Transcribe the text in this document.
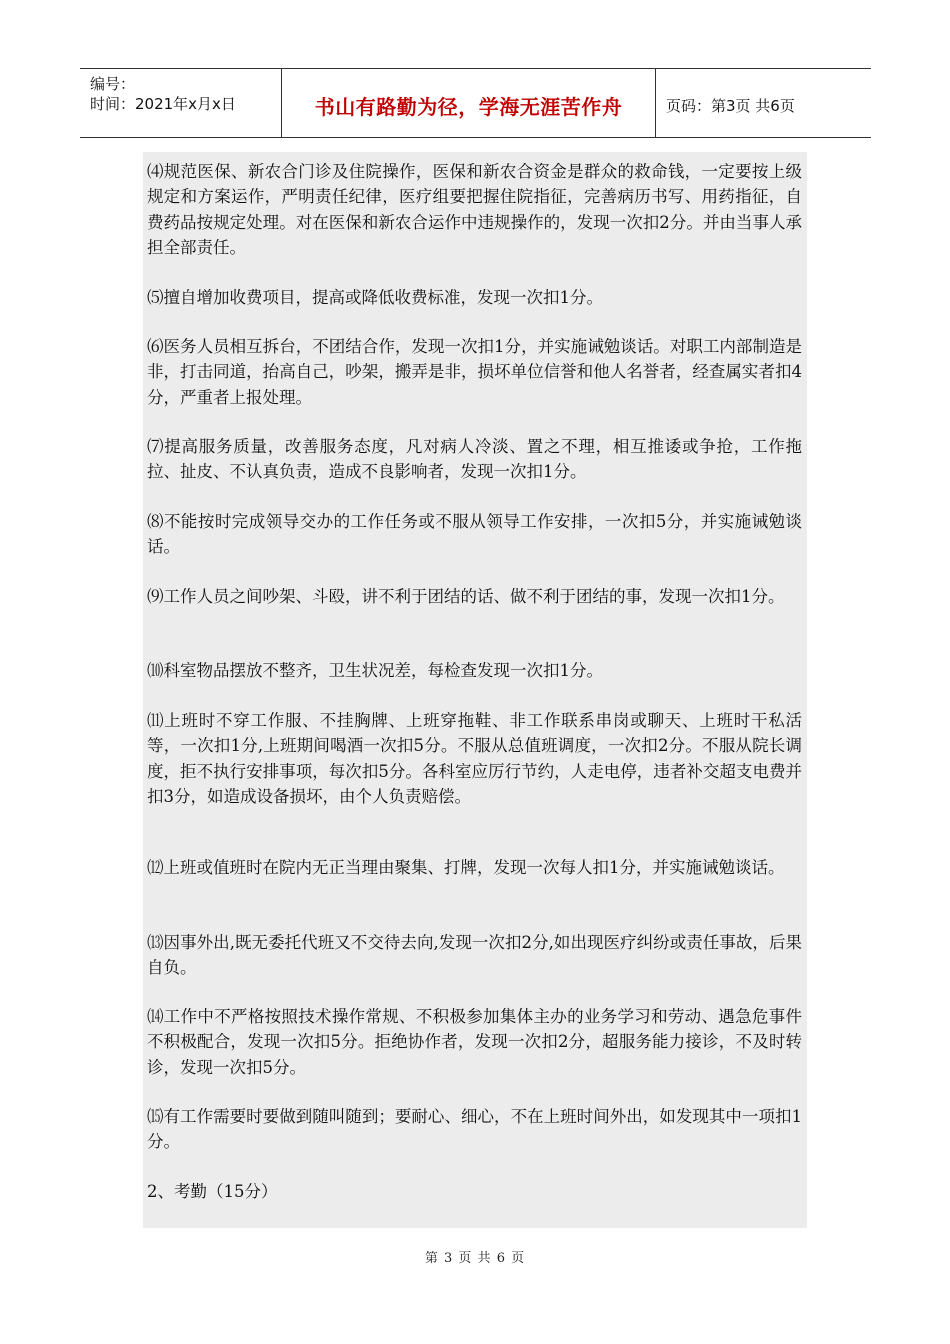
编号：
时间：2021年x月x日	书山有路勤为径，学海无涯苦作舟	页码：第3页 共6页

⑷规范医保、新农合门诊及住院操作，医保和新农合资金是群众的救命钱，一定要按上级规定和方案运作，严明责任纪律，医疗组要把握住院指征，完善病历书写、用药指征，自费药品按规定处理。对在医保和新农合运作中违规操作的，发现一次扣2分。并由当事人承担全部责任。

⑸擅自增加收费项目，提高或降低收费标准，发现一次扣1分。

⑹医务人员相互拆台，不团结合作，发现一次扣1分，并实施诫勉谈话。对职工内部制造是非，打击同道，抬高自己，吵架，搬弄是非，损坏单位信誉和他人名誉者，经查属实者扣4分，严重者上报处理。

⑺提高服务质量，改善服务态度，凡对病人冷淡、置之不理，相互推诿或争抢，工作拖拉、扯皮、不认真负责，造成不良影响者，发现一次扣1分。

⑻不能按时完成领导交办的工作任务或不服从领导工作安排，一次扣5分，并实施诫勉谈话。

⑼工作人员之间吵架、斗殴，讲不利于团结的话、做不利于团结的事，发现一次扣1分。

⑽科室物品摆放不整齐，卫生状况差，每检查发现一次扣1分。

⑾上班时不穿工作服、不挂胸牌、上班穿拖鞋、非工作联系串岗或聊天、上班时干私活等，一次扣1分,上班期间喝酒一次扣5分。不服从总值班调度，一次扣2分。不服从院长调度，拒不执行安排事项，每次扣5分。各科室应厉行节约，人走电停，违者补交超支电费并扣3分，如造成设备损坏，由个人负责赔偿。

⑿上班或值班时在院内无正当理由聚集、打牌，发现一次每人扣1分，并实施诫勉谈话。

⒀因事外出,既无委托代班又不交待去向,发现一次扣2分,如出现医疗纠纷或责任事故，后果自负。

⒁工作中不严格按照技术操作常规、不积极参加集体主办的业务学习和劳动、遇急危事件不积极配合，发现一次扣5分。拒绝协作者，发现一次扣2分，超服务能力接诊，不及时转诊，发现一次扣5分。

⒂有工作需要时要做到随叫随到；要耐心、细心，不在上班时间外出，如发现其中一项扣1分。

2、考勤（15分）

第 3 页 共 6 页
